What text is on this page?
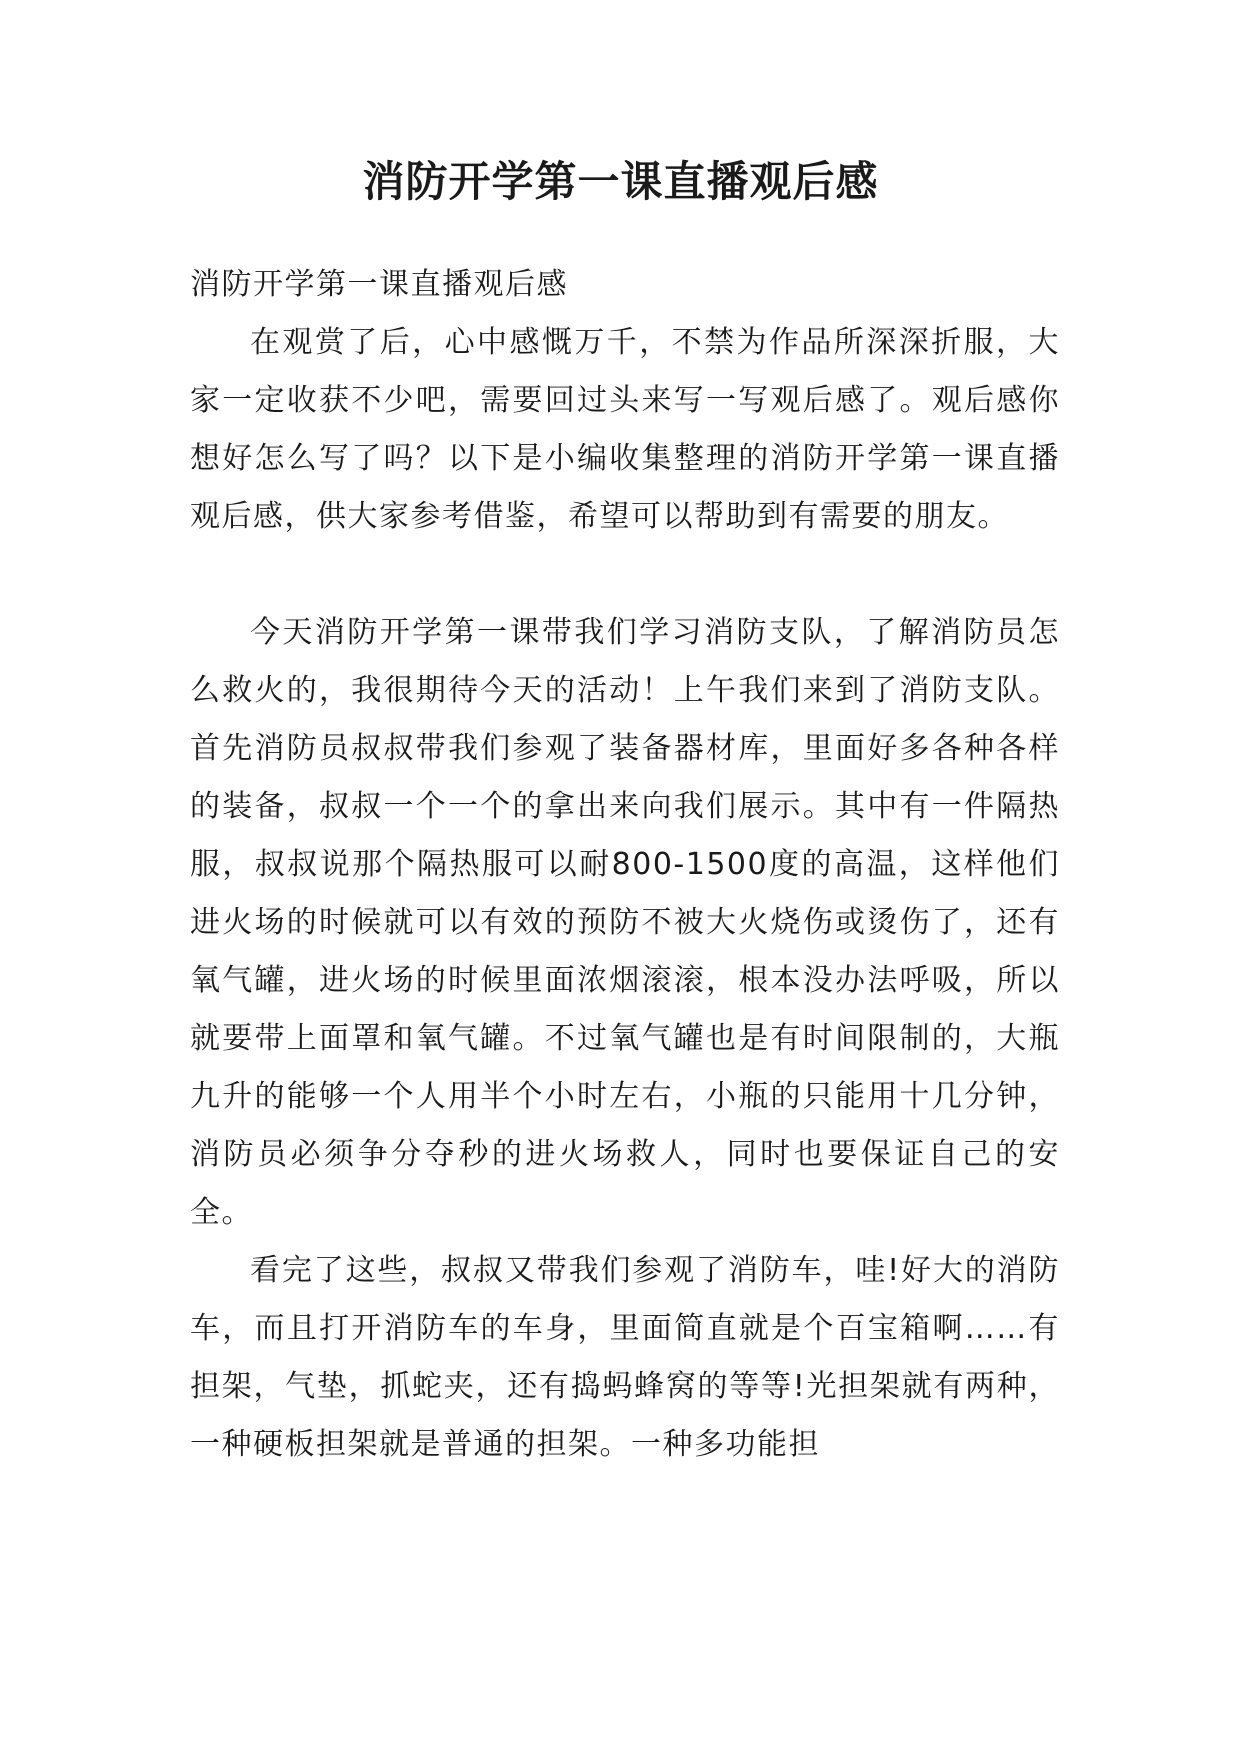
消防开学第一课直播观后感

消防开学第一课直播观后感

在观赏了后，心中感慨万千，不禁为作品所深深折服，大家一定收获不少吧，需要回过头来写一写观后感了。观后感你想好怎么写了吗？以下是小编收集整理的消防开学第一课直播观后感，供大家参考借鉴，希望可以帮助到有需要的朋友。

今天消防开学第一课带我们学习消防支队，了解消防员怎么救火的，我很期待今天的活动！上午我们来到了消防支队。首先消防员叔叔带我们参观了装备器材库，里面好多各种各样的装备，叔叔一个一个的拿出来向我们展示。其中有一件隔热服，叔叔说那个隔热服可以耐800-1500度的高温，这样他们进火场的时候就可以有效的预防不被大火烧伤或烫伤了，还有氧气罐，进火场的时候里面浓烟滚滚，根本没办法呼吸，所以就要带上面罩和氧气罐。不过氧气罐也是有时间限制的，大瓶九升的能够一个人用半个小时左右，小瓶的只能用十几分钟，消防员必须争分夺秒的进火场救人，同时也要保证自己的安全。

看完了这些，叔叔又带我们参观了消防车，哇!好大的消防车，而且打开消防车的车身，里面简直就是个百宝箱啊……有担架，气垫，抓蛇夹，还有捣蚂蜂窝的等等!光担架就有两种，一种硬板担架就是普通的担架。一种多功能担
